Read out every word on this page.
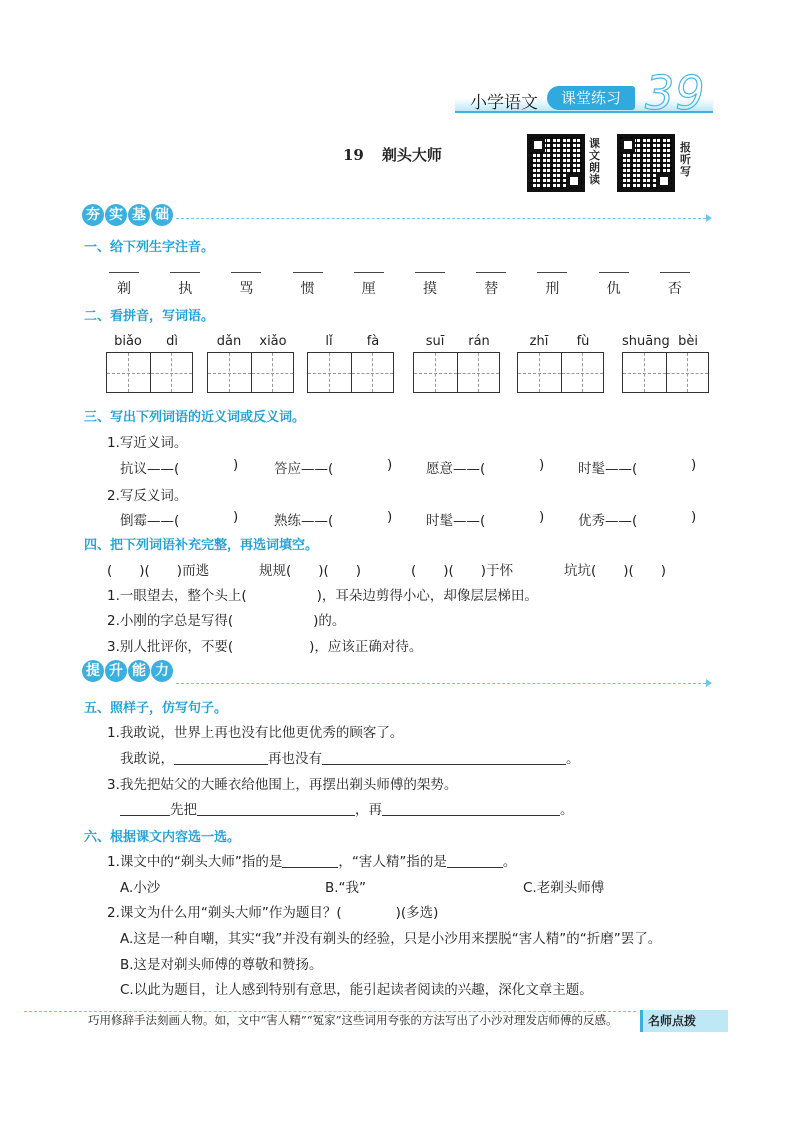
小学语文	课堂练习 39
19 剃头大师
课文朗读
报听写
夯 实 基 础
一、给下列生字注音。
剃	执	骂	惯	厘	摸	替	刑	仇	否
二、看拼音，写词语。
biǎo	dì	dǎn	xiǎo	lǐ	fà	suī	rán	zhī	fù	shuāng bèi
三、写出下列词语的近义词或反义词。
1.写近义词。
抗议——(	)	答应——(	) 愿意——(	) 时髦——(	)
2.写反义词。
倒霉——(	)	熟练——(	) 时髦——(	) 优秀——(	)
四、把下列词语补充完整，再选词填空。
(　　)(　　)而逃	规规(　　)(　　)	(　　)(　　)于怀	坑坑(　　)(　　)
1.一眼望去，整个头上(	)，耳朵边剪得小心，却像层层梯田。
2.小刚的字总是写得(	)的。
3.别人批评你，不要(	)，应该正确对待。
提 升 能 力
五、照样子，仿写句子。
1.我敢说，世界上再也没有比他更优秀的顾客了。
我敢说，	再也没有	。
3.我先把姑父的大睡衣给他围上，再摆出剃头师傅的架势。
先把	，再	。
六、根据课文内容选一选。
1.课文中的“剃头大师”指的是	，“害人精”指的是	。
A.小沙	B.“我”	C.老剃头师傅
2.课文为什么用“剃头大师”作为题目？(	)(多选)
A.这是一种自嘲，其实“我”并没有剃头的经验，只是小沙用来摆脱“害人精”的“折磨”罢了。
B.这是对剃头师傅的尊敬和赞扬。
C.以此为题目，让人感到特别有意思，能引起读者阅读的兴趣，深化文章主题。
巧用修辞手法刻画人物。如，文中“害人精”“冤家”这些词用夸张的方法写出了小沙对理发店师傅的反感。	名师点拨
